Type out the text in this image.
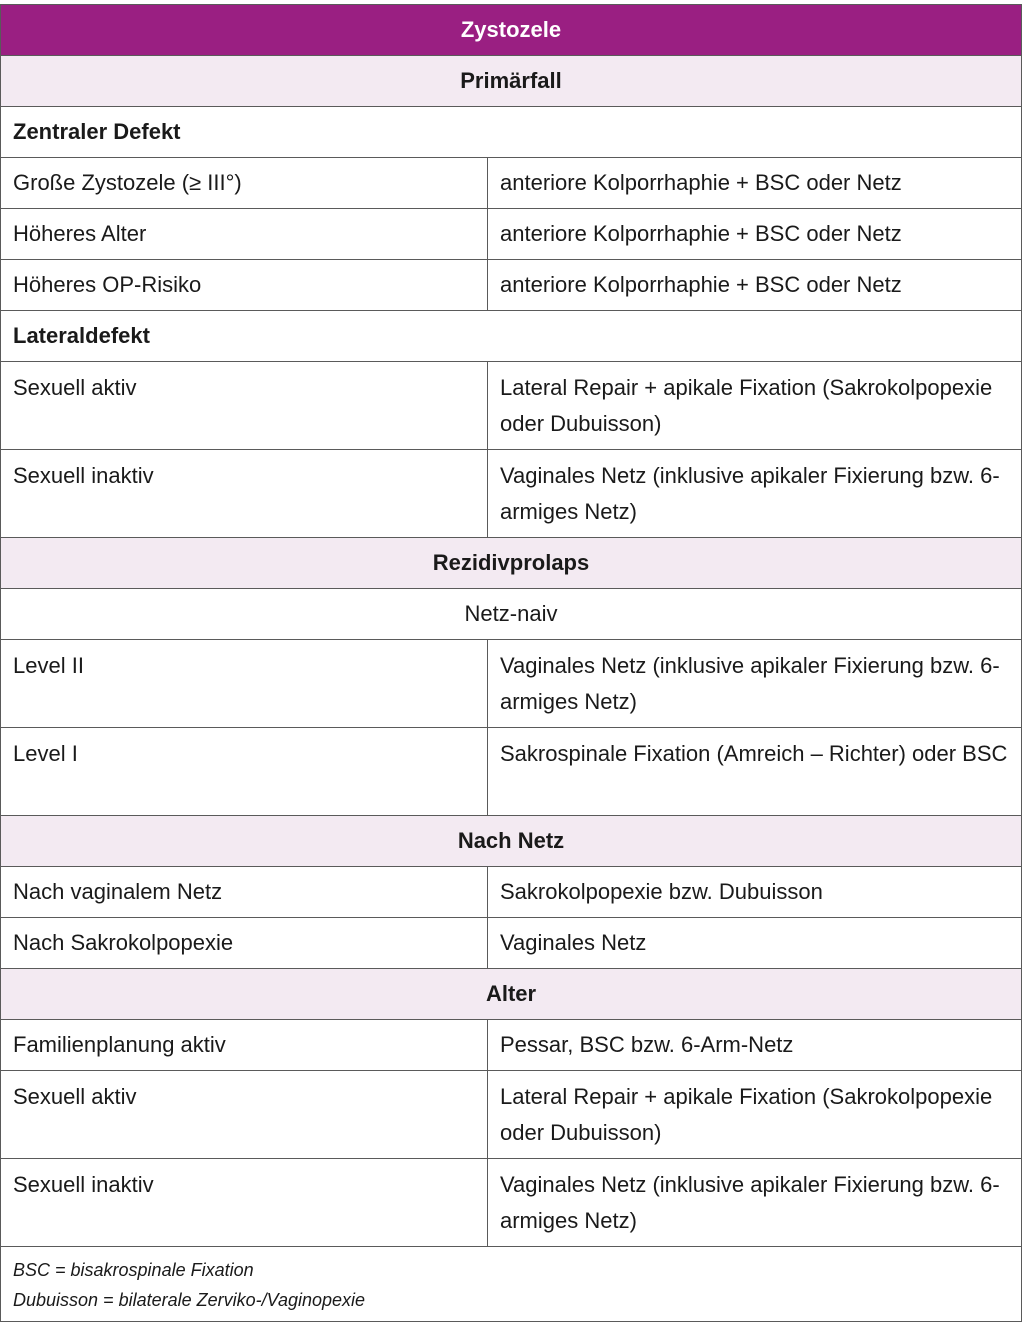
Zystozele	
Primärfall	
Zentraler Defekt	
Große Zystozele (≥ III°)	anteriore Kolporrhaphie + BSC oder Netz
Höheres Alter	anteriore Kolporrhaphie + BSC oder Netz
Höheres OP-Risiko	anteriore Kolporrhaphie + BSC oder Netz
Lateraldefekt	
Sexuell aktiv	Lateral Repair + apikale Fixation (Sakrokolpopexie oder Dubuisson)
Sexuell inaktiv	Vaginales Netz (inklusive apikaler Fixierung bzw. 6-armiges Netz)
Rezidivprolaps	
Netz-naiv	
Level II	Vaginales Netz (inklusive apikaler Fixierung bzw. 6-armiges Netz)
Level I	Sakrospinale Fixation (Amreich – Richter) oder BSC
Nach Netz	
Nach vaginalem Netz	Sakrokolpopexie bzw. Dubuisson
Nach Sakrokolpopexie	Vaginales Netz
Alter	
Familienplanung aktiv	Pessar, BSC bzw. 6-Arm-Netz
Sexuell aktiv	Lateral Repair + apikale Fixation (Sakrokolpopexie oder Dubuisson)
Sexuell inaktiv	Vaginales Netz (inklusive apikaler Fixierung bzw. 6-armiges Netz)

BSC = bisakrospinale Fixation
Dubuisson = bilaterale Zerviko-/Vaginopexie	
